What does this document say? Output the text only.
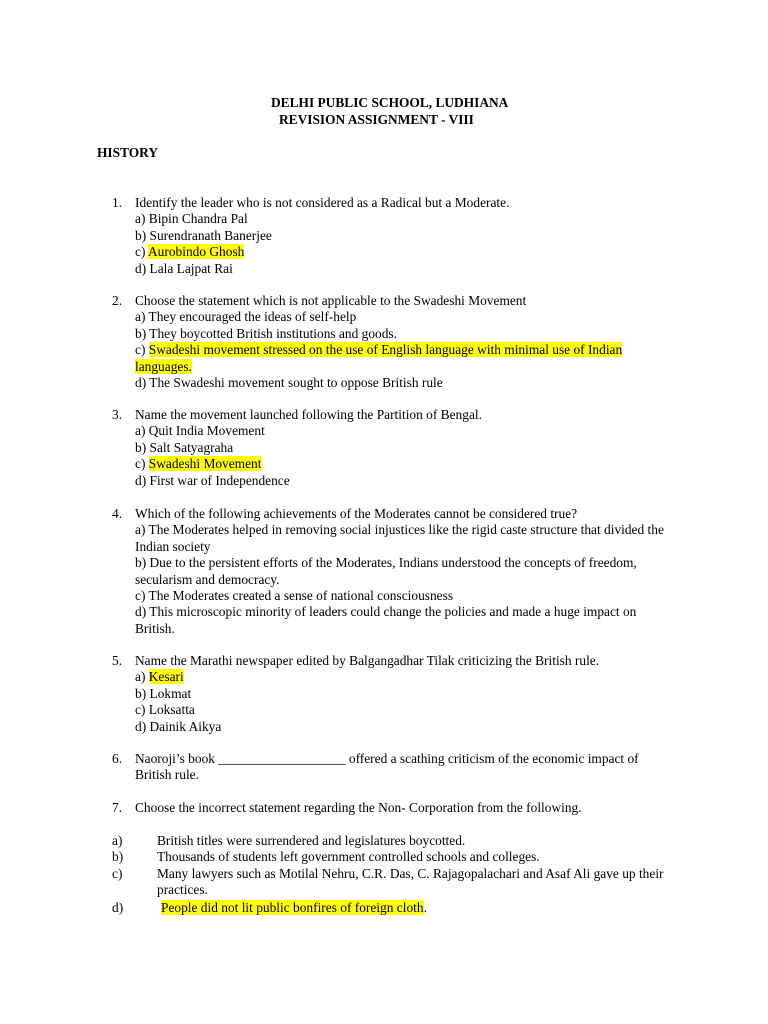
DELHI PUBLIC SCHOOL, LUDHIANA
REVISION ASSIGNMENT - VIII
HISTORY
1. Identify the leader who is not considered as a Radical but a Moderate.
a) Bipin Chandra Pal
b) Surendranath Banerjee
c) Aurobindo Ghosh
d) Lala Lajpat Rai
2. Choose the statement which is not applicable to the Swadeshi Movement
a) They encouraged the ideas of self-help
b) They boycotted British institutions and goods.
c) Swadeshi movement stressed on the use of English language with minimal use of Indian languages.
d) The Swadeshi movement sought to oppose British rule
3. Name the movement launched following the Partition of Bengal.
a) Quit India Movement
b) Salt Satyagraha
c) Swadeshi Movement
d) First war of Independence
4. Which of the following achievements of the Moderates cannot be considered true?
a) The Moderates helped in removing social injustices like the rigid caste structure that divided the Indian society
b) Due to the persistent efforts of the Moderates, Indians understood the concepts of freedom, secularism and democracy.
c) The Moderates created a sense of national consciousness
d) This microscopic minority of leaders could change the policies and made a huge impact on British.
5. Name the Marathi newspaper edited by Balgangadhar Tilak criticizing the British rule.
a) Kesari
b) Lokmat
c) Loksatta
d) Dainik Aikya
6. Naoroji’s book ___________________ offered a scathing criticism of the economic impact of British rule.
7. Choose the incorrect statement regarding the Non- Corporation from the following.
a)	British titles were surrendered and legislatures boycotted.
b)	Thousands of students left government controlled schools and colleges.
c)	Many lawyers such as Motilal Nehru, C.R. Das, C. Rajagopalachari and Asaf Ali gave up their practices.
d)	People did not lit public bonfires of foreign cloth.
